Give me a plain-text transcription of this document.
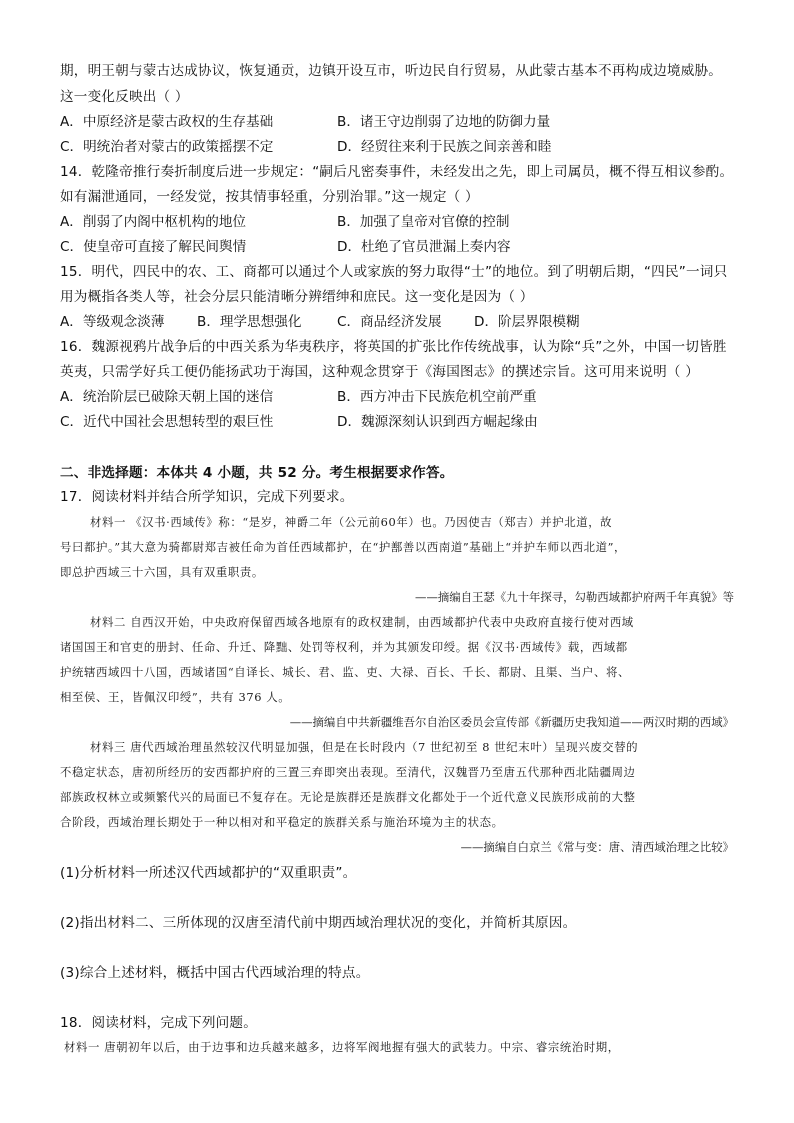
期，明王朝与蒙古达成协议，恢复通贡，边镇开设互市，听边民自行贸易，从此蒙古基本不再构成边境威胁。
这一变化反映出（ ）
A．中原经济是蒙古政权的生存基础	B．诸王守边削弱了边地的防御力量
C．明统治者对蒙古的政策摇摆不定	D．经贸往来利于民族之间亲善和睦
14．乾隆帝推行奏折制度后进一步规定：“嗣后凡密奏事件，未经发出之先，即上司属员，概不得互相议参酌。
如有漏泄通同，一经发觉，按其情事轻重，分别治罪。”这一规定（ ）
A．削弱了内阁中枢机构的地位	B．加强了皇帝对官僚的控制
C．使皇帝可直接了解民间舆情	D．杜绝了官员泄漏上奏内容
15．明代，四民中的农、工、商都可以通过个人或家族的努力取得“士”的地位。到了明朝后期，“四民”一词只
用为概指各类人等，社会分层只能清晰分辨缙绅和庶民。这一变化是因为（ ）
A．等级观念淡薄 B．理学思想强化	C．商品经济发展 D．阶层界限模糊
16．魏源视鸦片战争后的中西关系为华夷秩序，将英国的扩张比作传统战事，认为除“兵”之外，中国一切皆胜
英夷，只需学好兵工便仍能扬武功于海国，这种观念贯穿于《海国图志》的撰述宗旨。这可用来说明（ ）
A．统治阶层已破除天朝上国的迷信	B．西方冲击下民族危机空前严重
C．近代中国社会思想转型的艰巨性	D．魏源深刻认识到西方崛起缘由
二、非选择题：本体共 4 小题，共 52 分。考生根据要求作答。
17．阅读材料并结合所学知识，完成下列要求。
材料一 《汉书·西域传》称：“是岁，神爵二年（公元前60年）也。乃因使吉（郑吉）并护北道，故
号曰都护。”其大意为骑都尉郑吉被任命为首任西域都护，在“护鄯善以西南道”基础上“并护车师以西北道”，
即总护西域三十六国，具有双重职责。
——摘编自王瑟《九十年探寻，勾勒西域都护府两千年真貌》等
材料二 自西汉开始，中央政府保留西域各地原有的政权建制，由西域都护代表中央政府直接行使对西域
诸国国王和官吏的册封、任命、升迁、降黜、处罚等权利，并为其颁发印绶。据《汉书·西域传》载，西域都
护统辖西域四十八国，西域诸国“自译长、城长、君、监、吏、大禄、百长、千长、都尉、且渠、当户、将、
相至侯、王，皆佩汉印绶”，共有 376 人。
——摘编自中共新疆维吾尔自治区委员会宣传部《新疆历史我知道——两汉时期的西域》
材料三 唐代西域治理虽然较汉代明显加强，但是在长时段内（7 世纪初至 8 世纪末叶）呈现兴废交替的
不稳定状态，唐初所经历的安西都护府的三置三弃即突出表现。至清代，汉魏晋乃至唐五代那种西北陆疆周边
部族政权林立或频繁代兴的局面已不复存在。无论是族群还是族群文化都处于一个近代意义民族形成前的大整
合阶段，西域治理长期处于一种以相对和平稳定的族群关系与施治环境为主的状态。
——摘编自白京兰《常与变：唐、清西域治理之比较》
(1)分析材料一所述汉代西域都护的“双重职责”。
(2)指出材料二、三所体现的汉唐至清代前中期西域治理状况的变化，并简析其原因。
(3)综合上述材料，概括中国古代西域治理的特点。
18．阅读材料，完成下列问题。
材料一 唐朝初年以后，由于边事和边兵越来越多，边将军阀地握有强大的武装力。中宗、睿宗统治时期，
